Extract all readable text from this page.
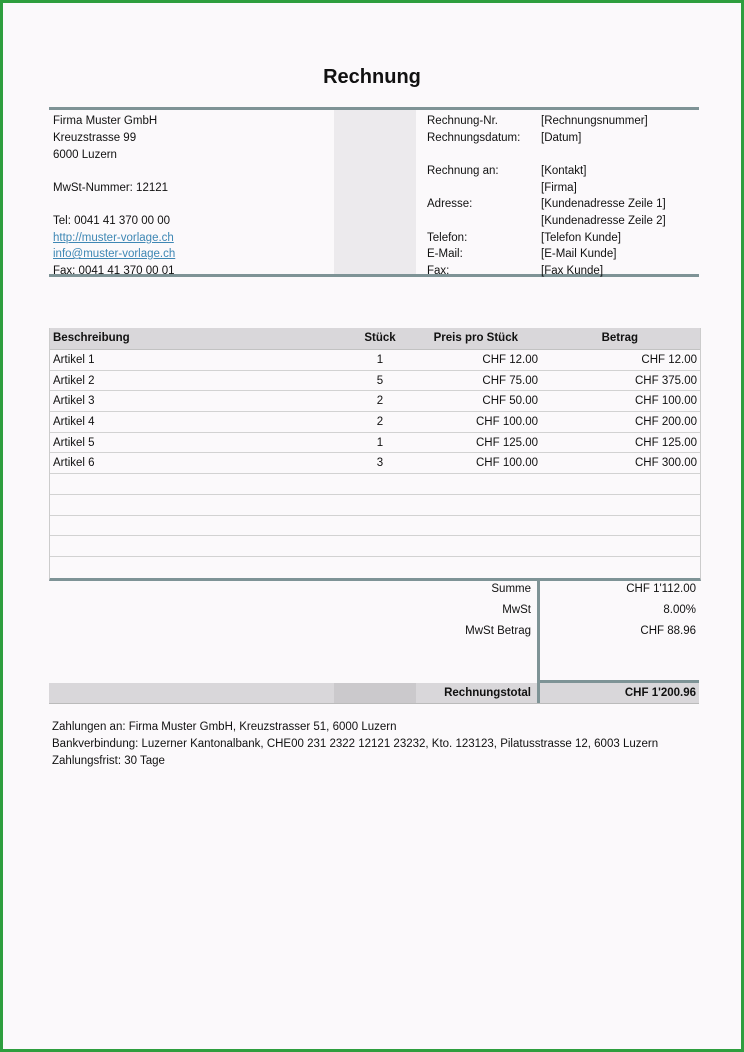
Rechnung
Firma Muster GmbH
Kreuzstrasse 99
6000 Luzern
MwSt-Nummer: 12121
Tel: 0041 41 370 00 00
http://muster-vorlage.ch
info@muster-vorlage.ch
Fax: 0041 41 370 00 01
Rechnung-Nr.	[Rechnungsnummer]
Rechnungsdatum: [Datum]
Rechnung an:	[Kontakt]
[Firma]
Adresse:	[Kundenadresse Zeile 1]
[Kundenadresse Zeile 2]
Telefon:	[Telefon Kunde]
E-Mail:	[E-Mail Kunde]
Fax:	[Fax Kunde]
Beschreibung	Stück	Preis pro Stück	Betrag
Artikel 1	1	CHF 12.00	CHF 12.00
Artikel 2	5	CHF 75.00	CHF 375.00
Artikel 3	2	CHF 50.00	CHF 100.00
Artikel 4	2	CHF 100.00	CHF 200.00
Artikel 5	1	CHF 125.00	CHF 125.00
Artikel 6	3	CHF 100.00	CHF 300.00
Summe	CHF 1'112.00
MwSt	8.00%
MwSt Betrag	CHF 88.96
Rechnungstotal	CHF 1'200.96
Zahlungen an: Firma Muster GmbH, Kreuzstrasser 51, 6000 Luzern
Bankverbindung: Luzerner Kantonalbank, CHE00 231 2322 12121 23232, Kto. 123123, Pilatusstrasse 12, 6003 Luzern
Zahlungsfrist: 30 Tage
